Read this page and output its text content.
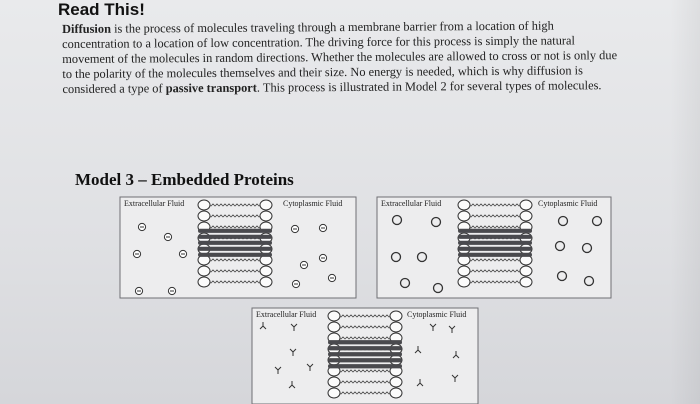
Read This!
Diffusion is the process of molecules traveling through a membrane barrier from a location of high concentration to a location of low concentration. The driving force for this process is simply the natural movement of the molecules in random directions. Whether the molecules are allowed to cross or not is only due to the polarity of the molecules themselves and their size. No energy is needed, which is why diffusion is considered a type of passive transport. This process is illustrated in Model 2 for several types of molecules.
Model 3 – Embedded Proteins
Extracellular Fluid	Cytoplasmic Fluid	Extracellular Fluid	Cytoplasmic Fluid
Extracellular Fluid	Cytoplasmic Fluid
